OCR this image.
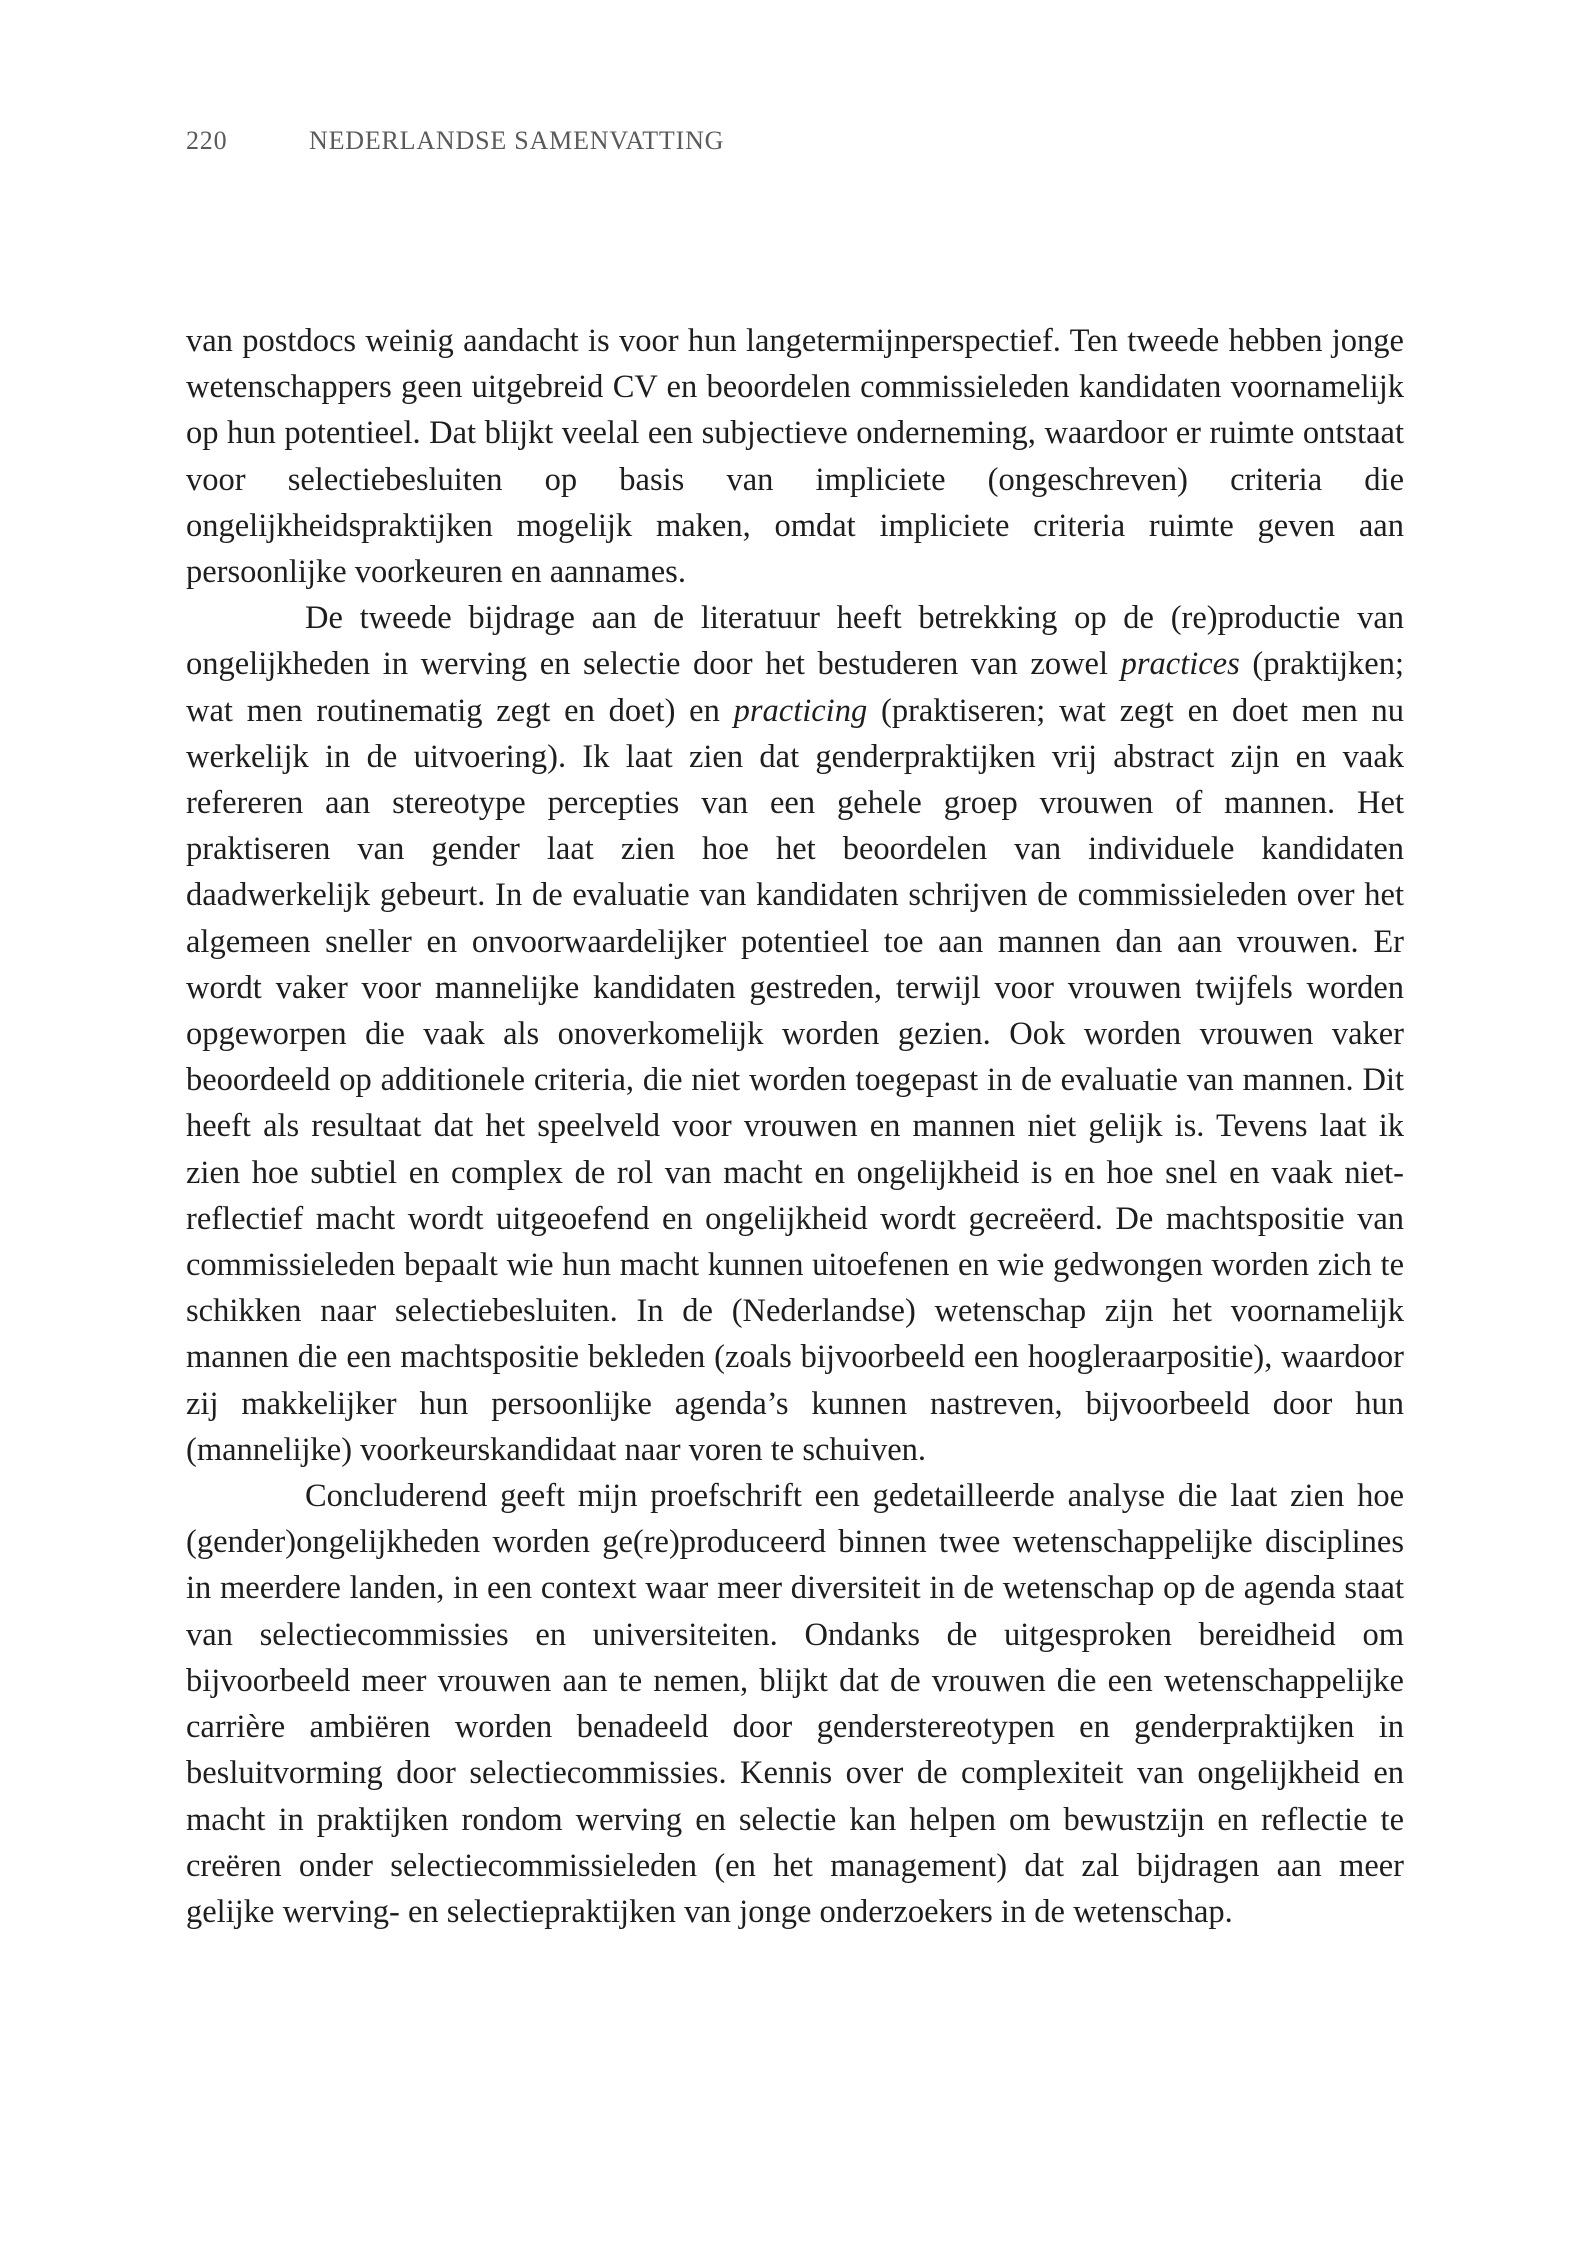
220	NEDERLANDSE SAMENVATTING

van postdocs weinig aandacht is voor hun langetermijnperspectief. Ten tweede hebben jonge wetenschappers geen uitgebreid CV en beoordelen commissieleden kandidaten voornamelijk op hun potentieel. Dat blijkt veelal een subjectieve onderneming, waardoor er ruimte ontstaat voor selectiebesluiten op basis van impliciete (ongeschreven) criteria die ongelijkheidspraktijken mogelijk maken, omdat impliciete criteria ruimte geven aan persoonlijke voorkeuren en aannames.

De tweede bijdrage aan de literatuur heeft betrekking op de (re)productie van ongelijkheden in werving en selectie door het bestuderen van zowel practices (praktijken; wat men routinematig zegt en doet) en practicing (praktiseren; wat zegt en doet men nu werkelijk in de uitvoering). Ik laat zien dat genderpraktijken vrij abstract zijn en vaak refereren aan stereotype percepties van een gehele groep vrouwen of mannen. Het praktiseren van gender laat zien hoe het beoordelen van individuele kandidaten daadwerkelijk gebeurt. In de evaluatie van kandidaten schrijven de commissieleden over het algemeen sneller en onvoorwaardelijker potentieel toe aan mannen dan aan vrouwen. Er wordt vaker voor mannelijke kandidaten gestreden, terwijl voor vrouwen twijfels worden opgeworpen die vaak als onoverkomelijk worden gezien. Ook worden vrouwen vaker beoordeeld op additionele criteria, die niet worden toegepast in de evaluatie van mannen. Dit heeft als resultaat dat het speelveld voor vrouwen en mannen niet gelijk is. Tevens laat ik zien hoe subtiel en complex de rol van macht en ongelijkheid is en hoe snel en vaak niet-reflectief macht wordt uitgeoefend en ongelijkheid wordt gecreëerd. De machtspositie van commissieleden bepaalt wie hun macht kunnen uitoefenen en wie gedwongen worden zich te schikken naar selectiebesluiten. In de (Nederlandse) wetenschap zijn het voornamelijk mannen die een machtspositie bekleden (zoals bijvoorbeeld een hoogleraarpositie), waardoor zij makkelijker hun persoonlijke agenda’s kunnen nastreven, bijvoorbeeld door hun (mannelijke) voorkeurskandidaat naar voren te schuiven.

Concluderend geeft mijn proefschrift een gedetailleerde analyse die laat zien hoe (gender)ongelijkheden worden ge(re)produceerd binnen twee wetenschappelijke disciplines in meerdere landen, in een context waar meer diversiteit in de wetenschap op de agenda staat van selectiecommissies en universiteiten. Ondanks de uitgesproken bereidheid om bijvoorbeeld meer vrouwen aan te nemen, blijkt dat de vrouwen die een wetenschappelijke carrière ambiëren worden benadeeld door genderstereotypen en genderpraktijken in besluitvorming door selectiecommissies. Kennis over de complexiteit van ongelijkheid en macht in praktijken rondom werving en selectie kan helpen om bewustzijn en reflectie te creëren onder selectiecommissieleden (en het management) dat zal bijdragen aan meer gelijke werving- en selectiepraktijken van jonge onderzoekers in de wetenschap.
